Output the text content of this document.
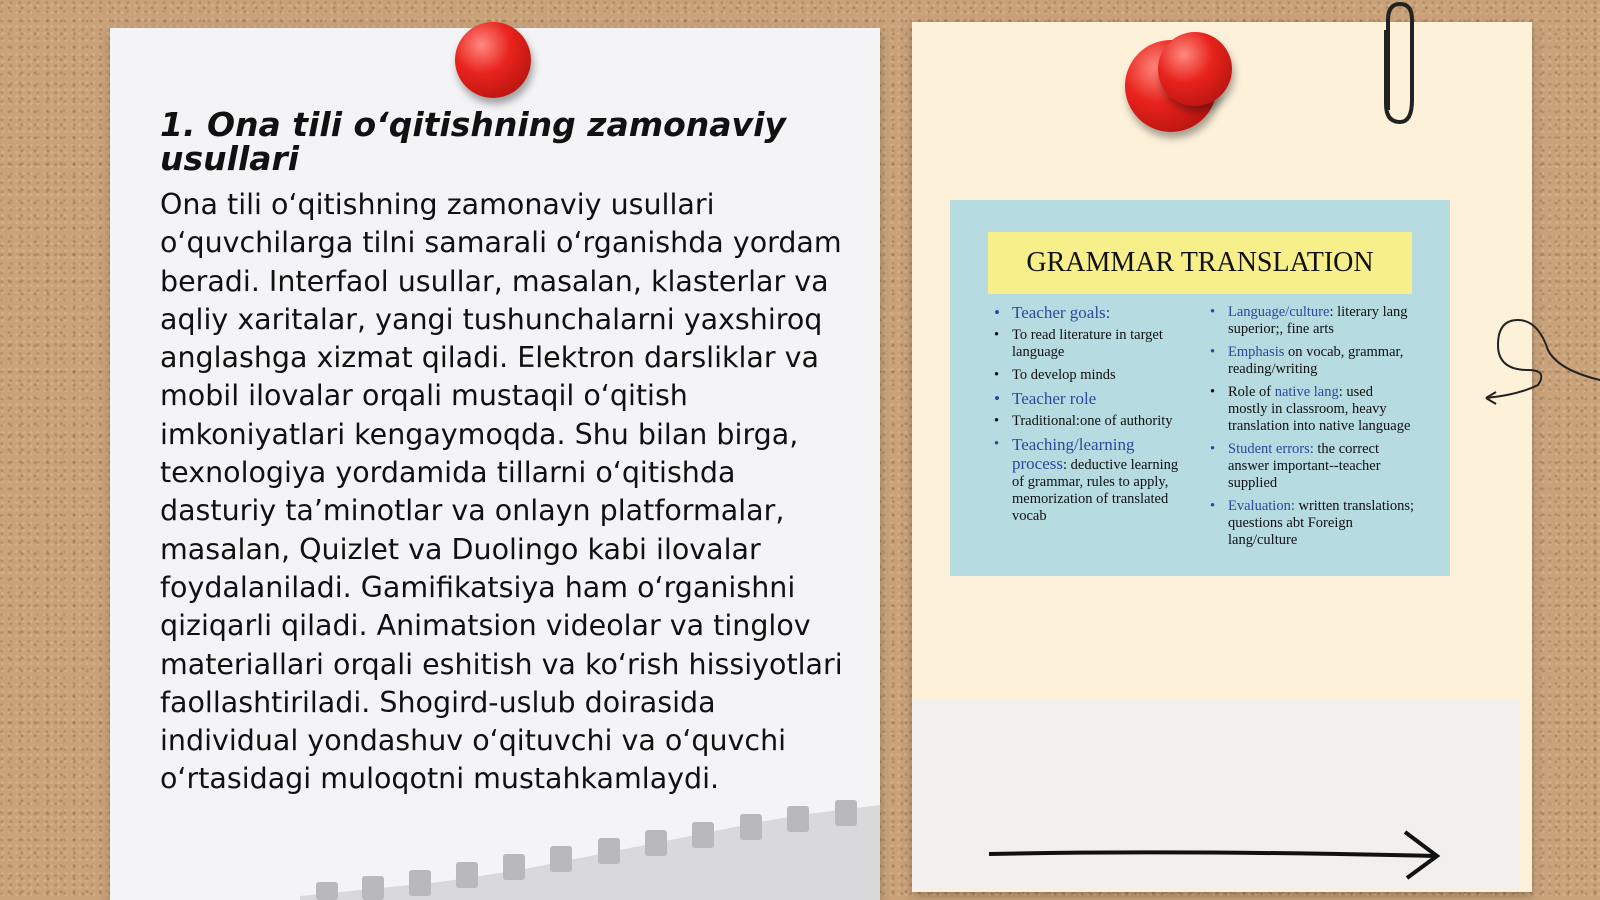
1. Ona tili o‘qitishning zamonaviy usullari

Ona tili o‘qitishning zamonaviy usullari o‘quvchilarga tilni samarali o‘rganishda yordam beradi. Interfaol usullar, masalan, klasterlar va aqliy xaritalar, yangi tushunchalarni yaxshiroq anglashga xizmat qiladi. Elektron darsliklar va mobil ilovalar orqali mustaqil o‘qitish imkoniyatlari kengaymoqda. Shu bilan birga, texnologiya yordamida tillarni o‘qitishda dasturiy ta’minotlar va onlayn platformalar, masalan, Quizlet va Duolingo kabi ilovalar foydalaniladi. Gamifikatsiya ham o‘rganishni qiziqarli qiladi. Animatsion videolar va tinglov materiallari orqali eshitish va ko‘rish hissiyotlari faollashtiriladi. Shogird-uslub doirasida individual yondashuv o‘qituvchi va o‘quvchi o‘rtasidagi muloqotni mustahkamlaydi.

GRAMMAR TRANSLATION
• Teacher goals:
• To read literature in target language
• To develop minds
• Teacher role
• Traditional:one of authority
• Teaching/learning process: deductive learning of grammar, rules to apply, memorization of translated vocab
• Language/culture: literary lang superior;, fine arts
• Emphasis on vocab, grammar, reading/writing
• Role of native lang: used mostly in classroom, heavy translation into native language
• Student errors: the correct answer important--teacher supplied
• Evaluation: written translations; questions abt Foreign lang/culture
